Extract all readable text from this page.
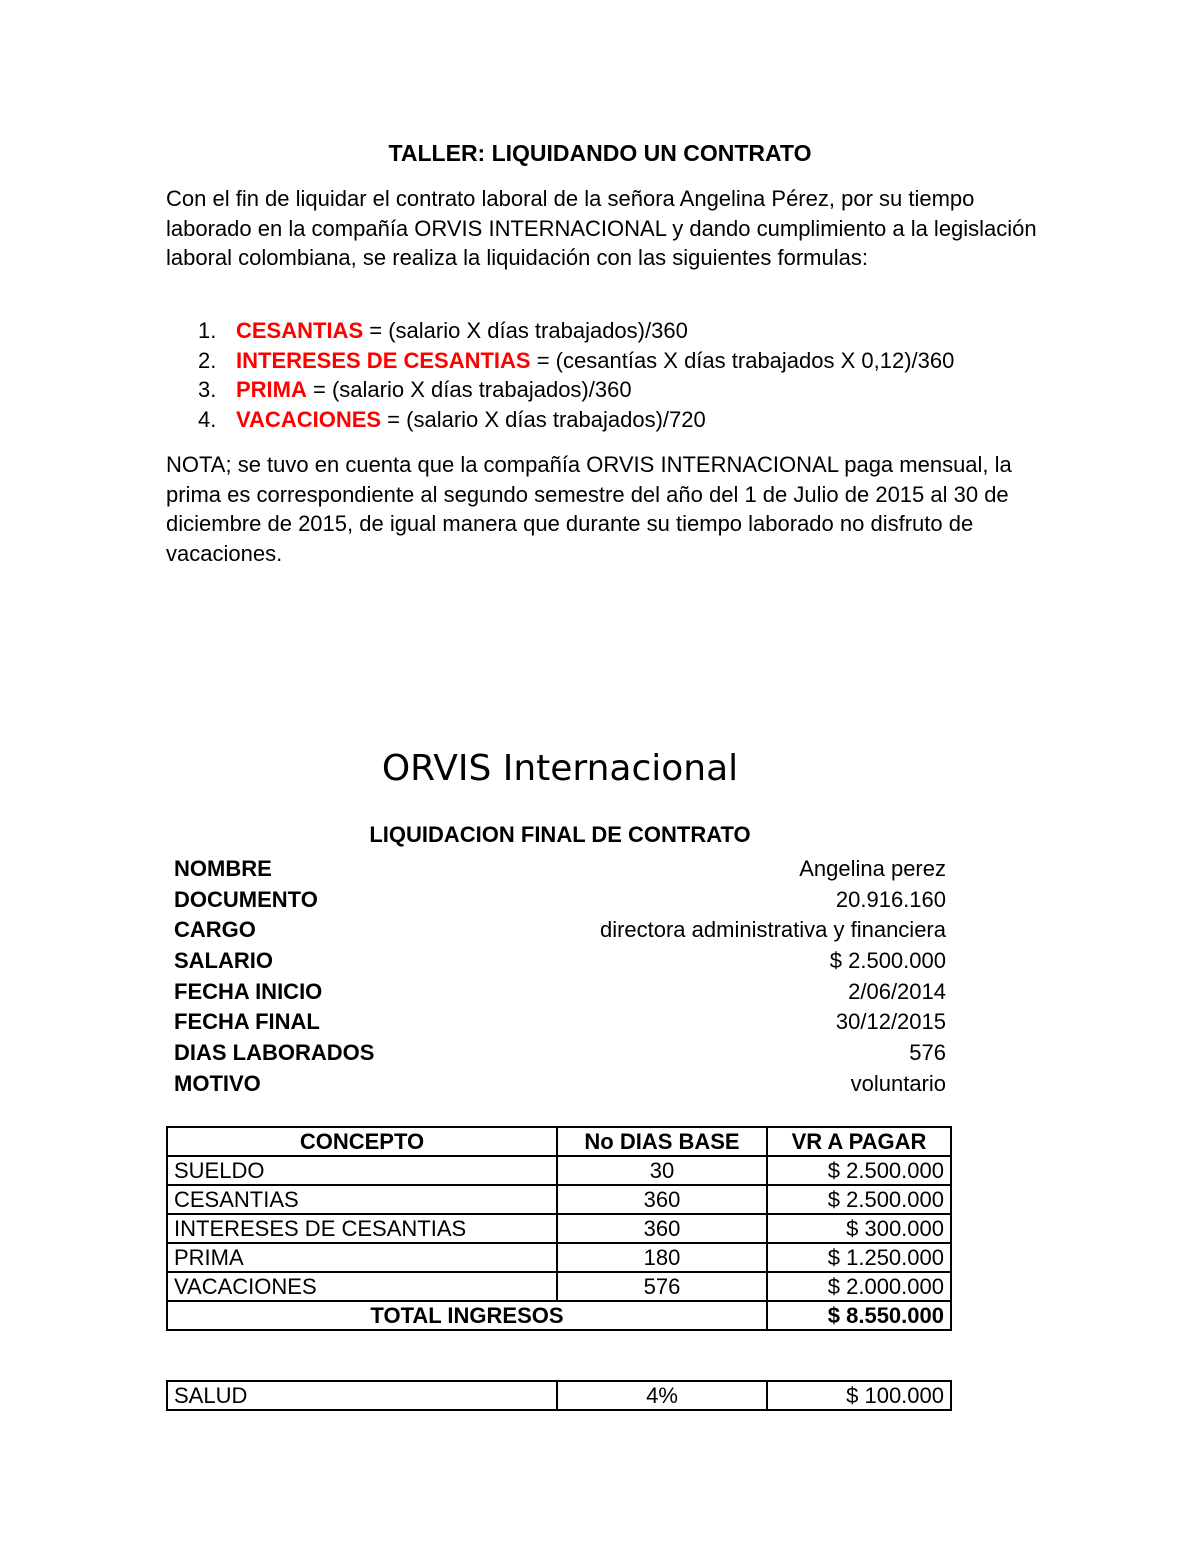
TALLER: LIQUIDANDO UN CONTRATO
Con el fin de liquidar el contrato laboral de la señora Angelina Pérez, por su tiempo laborado en la compañía ORVIS INTERNACIONAL y dando cumplimiento a la legislación laboral colombiana, se realiza la liquidación con las siguientes formulas:
1. CESANTIAS = (salario X días trabajados)/360
2. INTERESES DE CESANTIAS = (cesantías X días trabajados X 0,12)/360
3. PRIMA = (salario X días trabajados)/360
4. VACACIONES = (salario X días trabajados)/720
NOTA; se tuvo en cuenta que la compañía ORVIS INTERNACIONAL paga mensual, la prima es correspondiente al segundo semestre del año del 1 de Julio de 2015 al 30 de diciembre de 2015, de igual manera que durante su tiempo laborado no disfruto de vacaciones.
ORVIS Internacional
LIQUIDACION FINAL DE CONTRATO
NOMBRE	Angelina perez
DOCUMENTO	20.916.160
CARGO	directora administrativa y financiera
SALARIO	$ 2.500.000
FECHA INICIO	2/06/2014
FECHA FINAL	30/12/2015
DIAS LABORADOS	576
MOTIVO	voluntario
CONCEPTO	No DIAS BASE	VR A PAGAR
SUELDO	30	$ 2.500.000
CESANTIAS	360	$ 2.500.000
INTERESES DE CESANTIAS	360	$ 300.000
PRIMA	180	$ 1.250.000
VACACIONES	576	$ 2.000.000
TOTAL INGRESOS		$ 8.550.000
SALUD	4%	$ 100.000
